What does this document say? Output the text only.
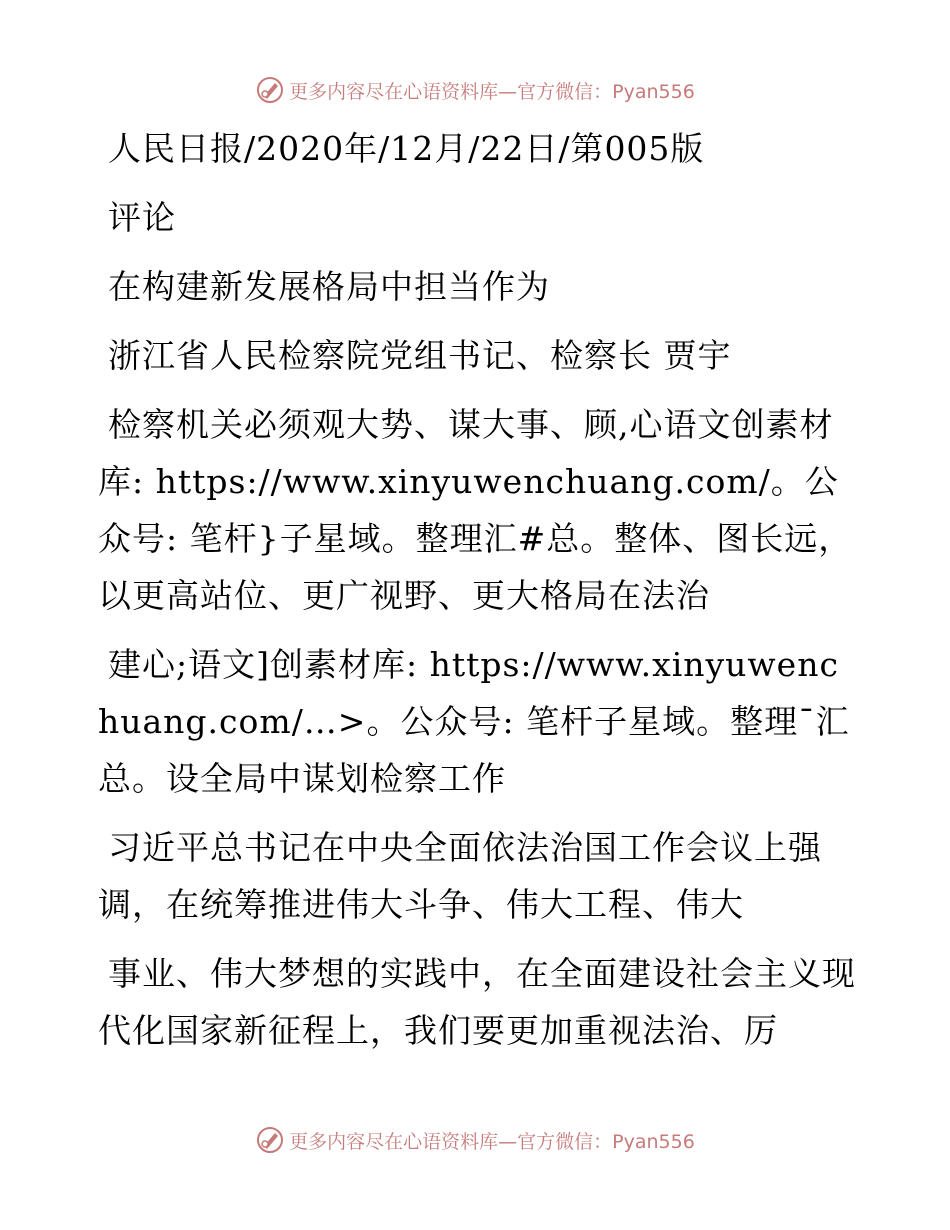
更多内容尽在心语资料库—官方微信：Pyan556

人民日报/2020年/12月/22日/第005版

评论

在构建新发展格局中担当作为

浙江省人民检察院党组书记、检察长 贾宇

检察机关必须观大势、谋大事、顾,心语文创素材库: https://www.xinyuwenchuang.com/。公众号: 笔杆}子星域。整理汇#总。整体、图长远，以更高站位、更广视野、更大格局在法治

建心;语文]创素材库: https://www.xinyuwenchuang.com/…>。公众号: 笔杆子星域。整理¯汇总。设全局中谋划检察工作

习近平总书记在中央全面依法治国工作会议上强调，在统筹推进伟大斗争、伟大工程、伟大

事业、伟大梦想的实践中，在全面建设社会主义现代化国家新征程上，我们要更加重视法治、厉

更多内容尽在心语资料库—官方微信：Pyan556
